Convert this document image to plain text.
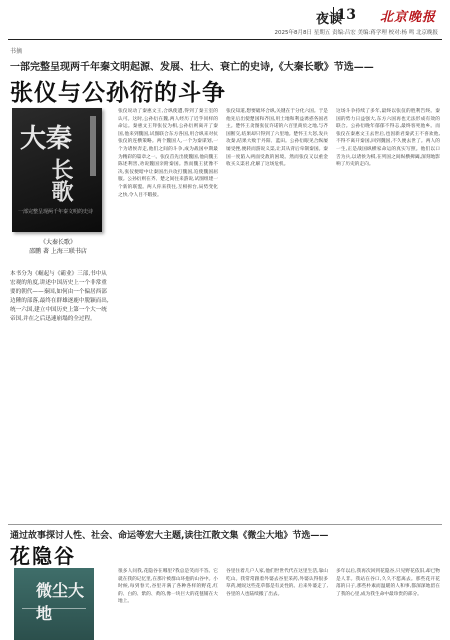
夜读
13 北京晚报
2025年8月8日 星期五 责编:吕宏 美编:蒋学理 校对:杨 鸣 北京晚报
书摘
一部完整呈现两千年秦文明起源、发展、壮大、衰亡的史诗,《大秦长歌》节选——
张仪与公孙衍的斗争
大秦
长歌
一部完整呈现两千年秦文明的史诗
《大秦长歌》
邵鹏 著 上海三联书店
本书分为《崛起与《霸业》三部,书中从宏观的角度,讲述中国历史上一个非常重要的朝代——秦国,如何由一个偏居西部边陲的部落,最终在群雄逐鹿中脱颖而出,统一六国,建立中国历史上第一个大一统帝国,并在之后迅速崩塌的全过程。
张仪说动了秦惠文王,合纵使遭,得到了秦王室的认可。这时,公孙衍在魏,两人经历了近乎同样的命运。秦惠文王拜张仪为相,公孙衍则离开了秦国,他来到魏国,试图联合东方各国,用合纵来对抗张仪的连横策略。两个魏国人,一个为秦谋划,一个为诸侯奔走,他们之间的斗争,成为战国中期最为精彩的篇章之一。张仪首先出使魏国,他向魏王陈述利害,劝说魏国亲附秦国。然而魏王犹豫不决,张仪便暗中让秦国出兵攻打魏国,迫使魏国屈服。公孙衍则在齐、楚之间往来游说,试图组建一个新的联盟。两人你来我往,互相拆台,局势变化之快,令人目不暇接。
张仪知道,想要破坏合纵,关键在于分化六国。于是他先后出使楚国和齐国,用土地和利益诱惑各国君主。楚怀王贪图张仪许诺的六百里商於之地,与齐国断交,结果却只得到了六里地。楚怀王大怒,发兵攻秦,结果大败于丹阳、蓝田。公孙衍眼见合纵屡屡受挫,便转而游说义渠,让其从背后牵制秦国。秦国一度陷入两面受敌的困境。然而张仪又以重金收买义渠君,化解了这场危机。
这场斗争持续了多年,最终以张仪的胜利告终。秦国的势力日益强大,东方六国再也无法形成有效的联合。公孙衍晚年郁郁不得志,最终客死他乡。而张仪在秦惠文王去世后,也因新君秦武王不喜欢他,不得不离开秦国,回到魏国,不久便去世了。两人的一生,正是战国纵横家命运的真实写照。他们以口舌为兵,以诸侯为棋,在列国之间纵横捭阖,深刻地影响了历史的走向。
通过故事探讨人性、社会、命运等宏大主题,读往江散文集《微尘大地》节选——
花隐谷
微尘大地
很多人问我,花隐谷在哪里?我总是笑而不答。它就在我的记忆里,在那片被群山环抱的山谷中。小时候,每到春天,谷里开满了各种各样的野花,红的、白的、紫的、黄的,像一块巨大的花毯铺在大地上。
谷里住着几户人家,他们世世代代在这里生活,靠山吃山。我常常跟着外婆去谷里采药,外婆认得很多草药,她说这些花草都是有灵性的。后来外婆走了,谷里的人也陆续搬了出去。
多年以后,我再次回到花隐谷,只见野花依旧,却已物是人非。我站在谷口,久久不愿离去。那些花开花落的日子,那些朴素而温暖的人和事,都深深地留在了我的心里,成为我生命中最珍贵的部分。
